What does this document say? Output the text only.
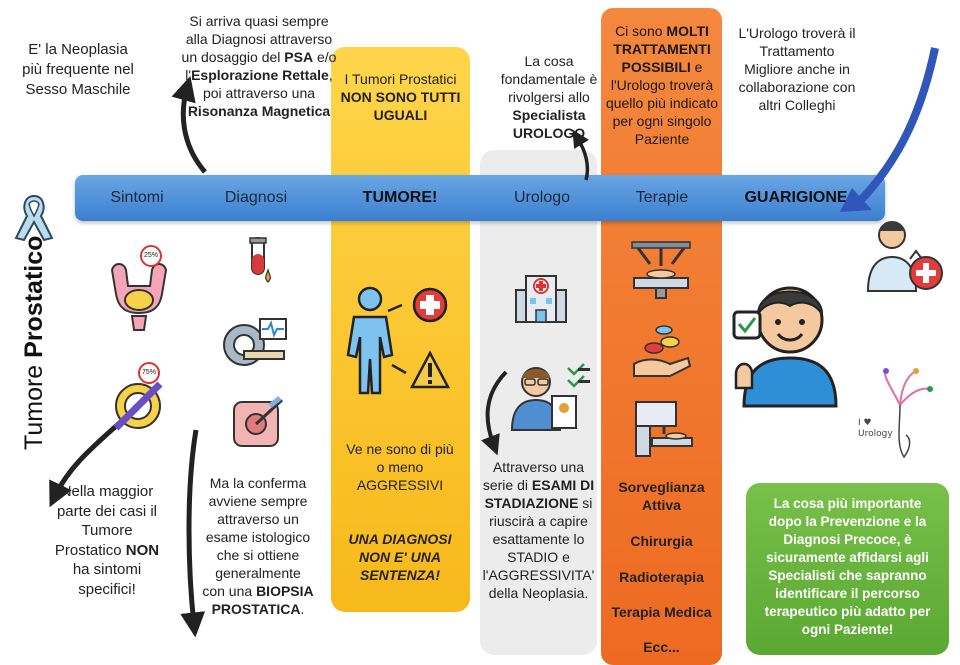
Sintomi	Diagnosi	TUMORE!	Urologo	Terapie	GUARIGIONE
Tumore Prostatico
E' la Neoplasia più frequente nel Sesso Maschile
Si arriva quasi sempre alla Diagnosi attraverso un dosaggio del PSA e/o l'Esplorazione Rettale, poi attraverso una Risonanza Magnetica
I Tumori Prostatici NON SONO TUTTI UGUALI
La cosa fondamentale è rivolgersi allo Specialista UROLOGO
Ci sono MOLTI TRATTAMENTI POSSIBILI e l'Urologo troverà quello più indicato per ogni singolo Paziente
L'Urologo troverà il Trattamento Migliore anche in collaborazione con altri Colleghi
25%
75%
Ve ne sono di più o meno AGGRESSIVI
UNA DIAGNOSI NON E' UNA SENTENZA!
Attraverso una serie di ESAMI DI STADIAZIONE si riuscirà a capire esattamente lo STADIO e l'AGGRESSIVITA' della Neoplasia.
Sorveglianza Attiva
Chirurgia
Radioterapia
Terapia Medica
Ecc...
I ♥ Urology
Nella maggior parte dei casi il Tumore Prostatico NON ha sintomi specifici!
Ma la conferma avviene sempre attraverso un esame istologico che si ottiene generalmente con una BIOPSIA PROSTATICA.
La cosa più importante dopo la Prevenzione e la Diagnosi Precoce, è sicuramente affidarsi agli Specialisti che sapranno identificare il percorso terapeutico più adatto per ogni Paziente!
